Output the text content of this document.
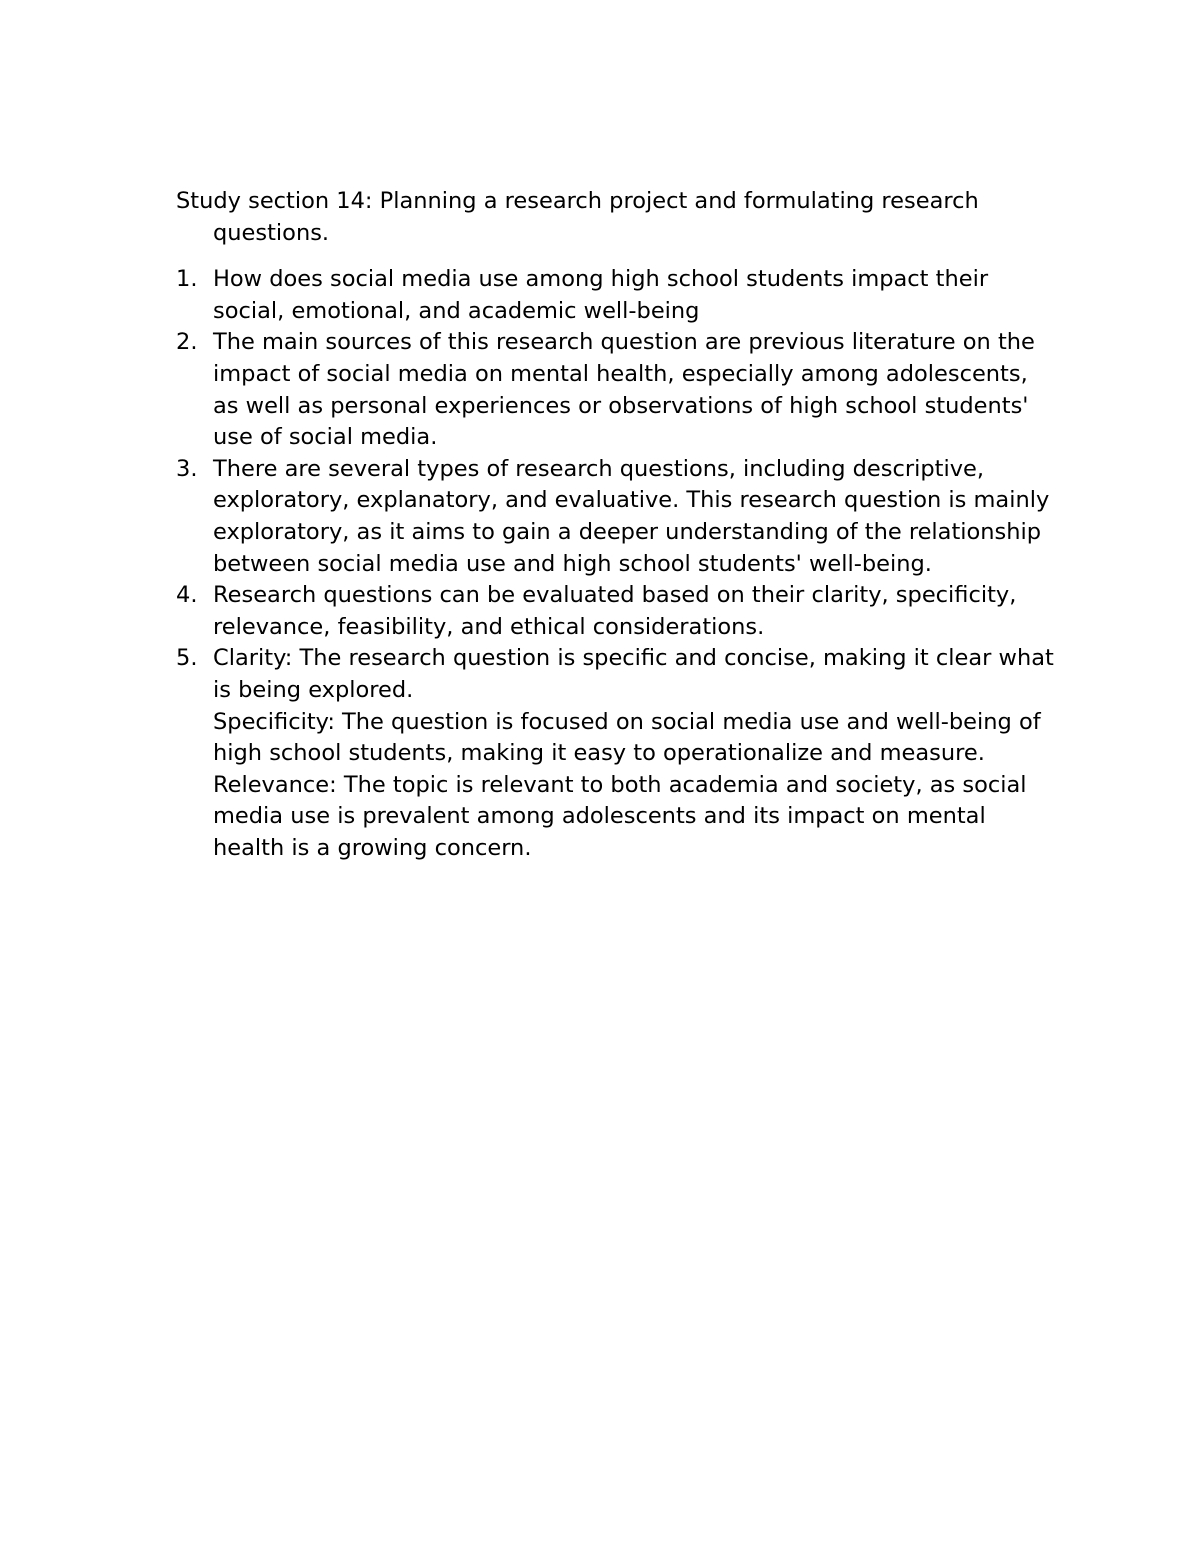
Study section 14: Planning a research project and formulating research questions.

1. How does social media use among high school students impact their social, emotional, and academic well-being
2. The main sources of this research question are previous literature on the impact of social media on mental health, especially among adolescents, as well as personal experiences or observations of high school students' use of social media.
3. There are several types of research questions, including descriptive, exploratory, explanatory, and evaluative. This research question is mainly exploratory, as it aims to gain a deeper understanding of the relationship between social media use and high school students' well-being.
4. Research questions can be evaluated based on their clarity, specificity, relevance, feasibility, and ethical considerations.
5. Clarity: The research question is specific and concise, making it clear what is being explored.
Specificity: The question is focused on social media use and well-being of high school students, making it easy to operationalize and measure.
Relevance: The topic is relevant to both academia and society, as social media use is prevalent among adolescents and its impact on mental health is a growing concern.
